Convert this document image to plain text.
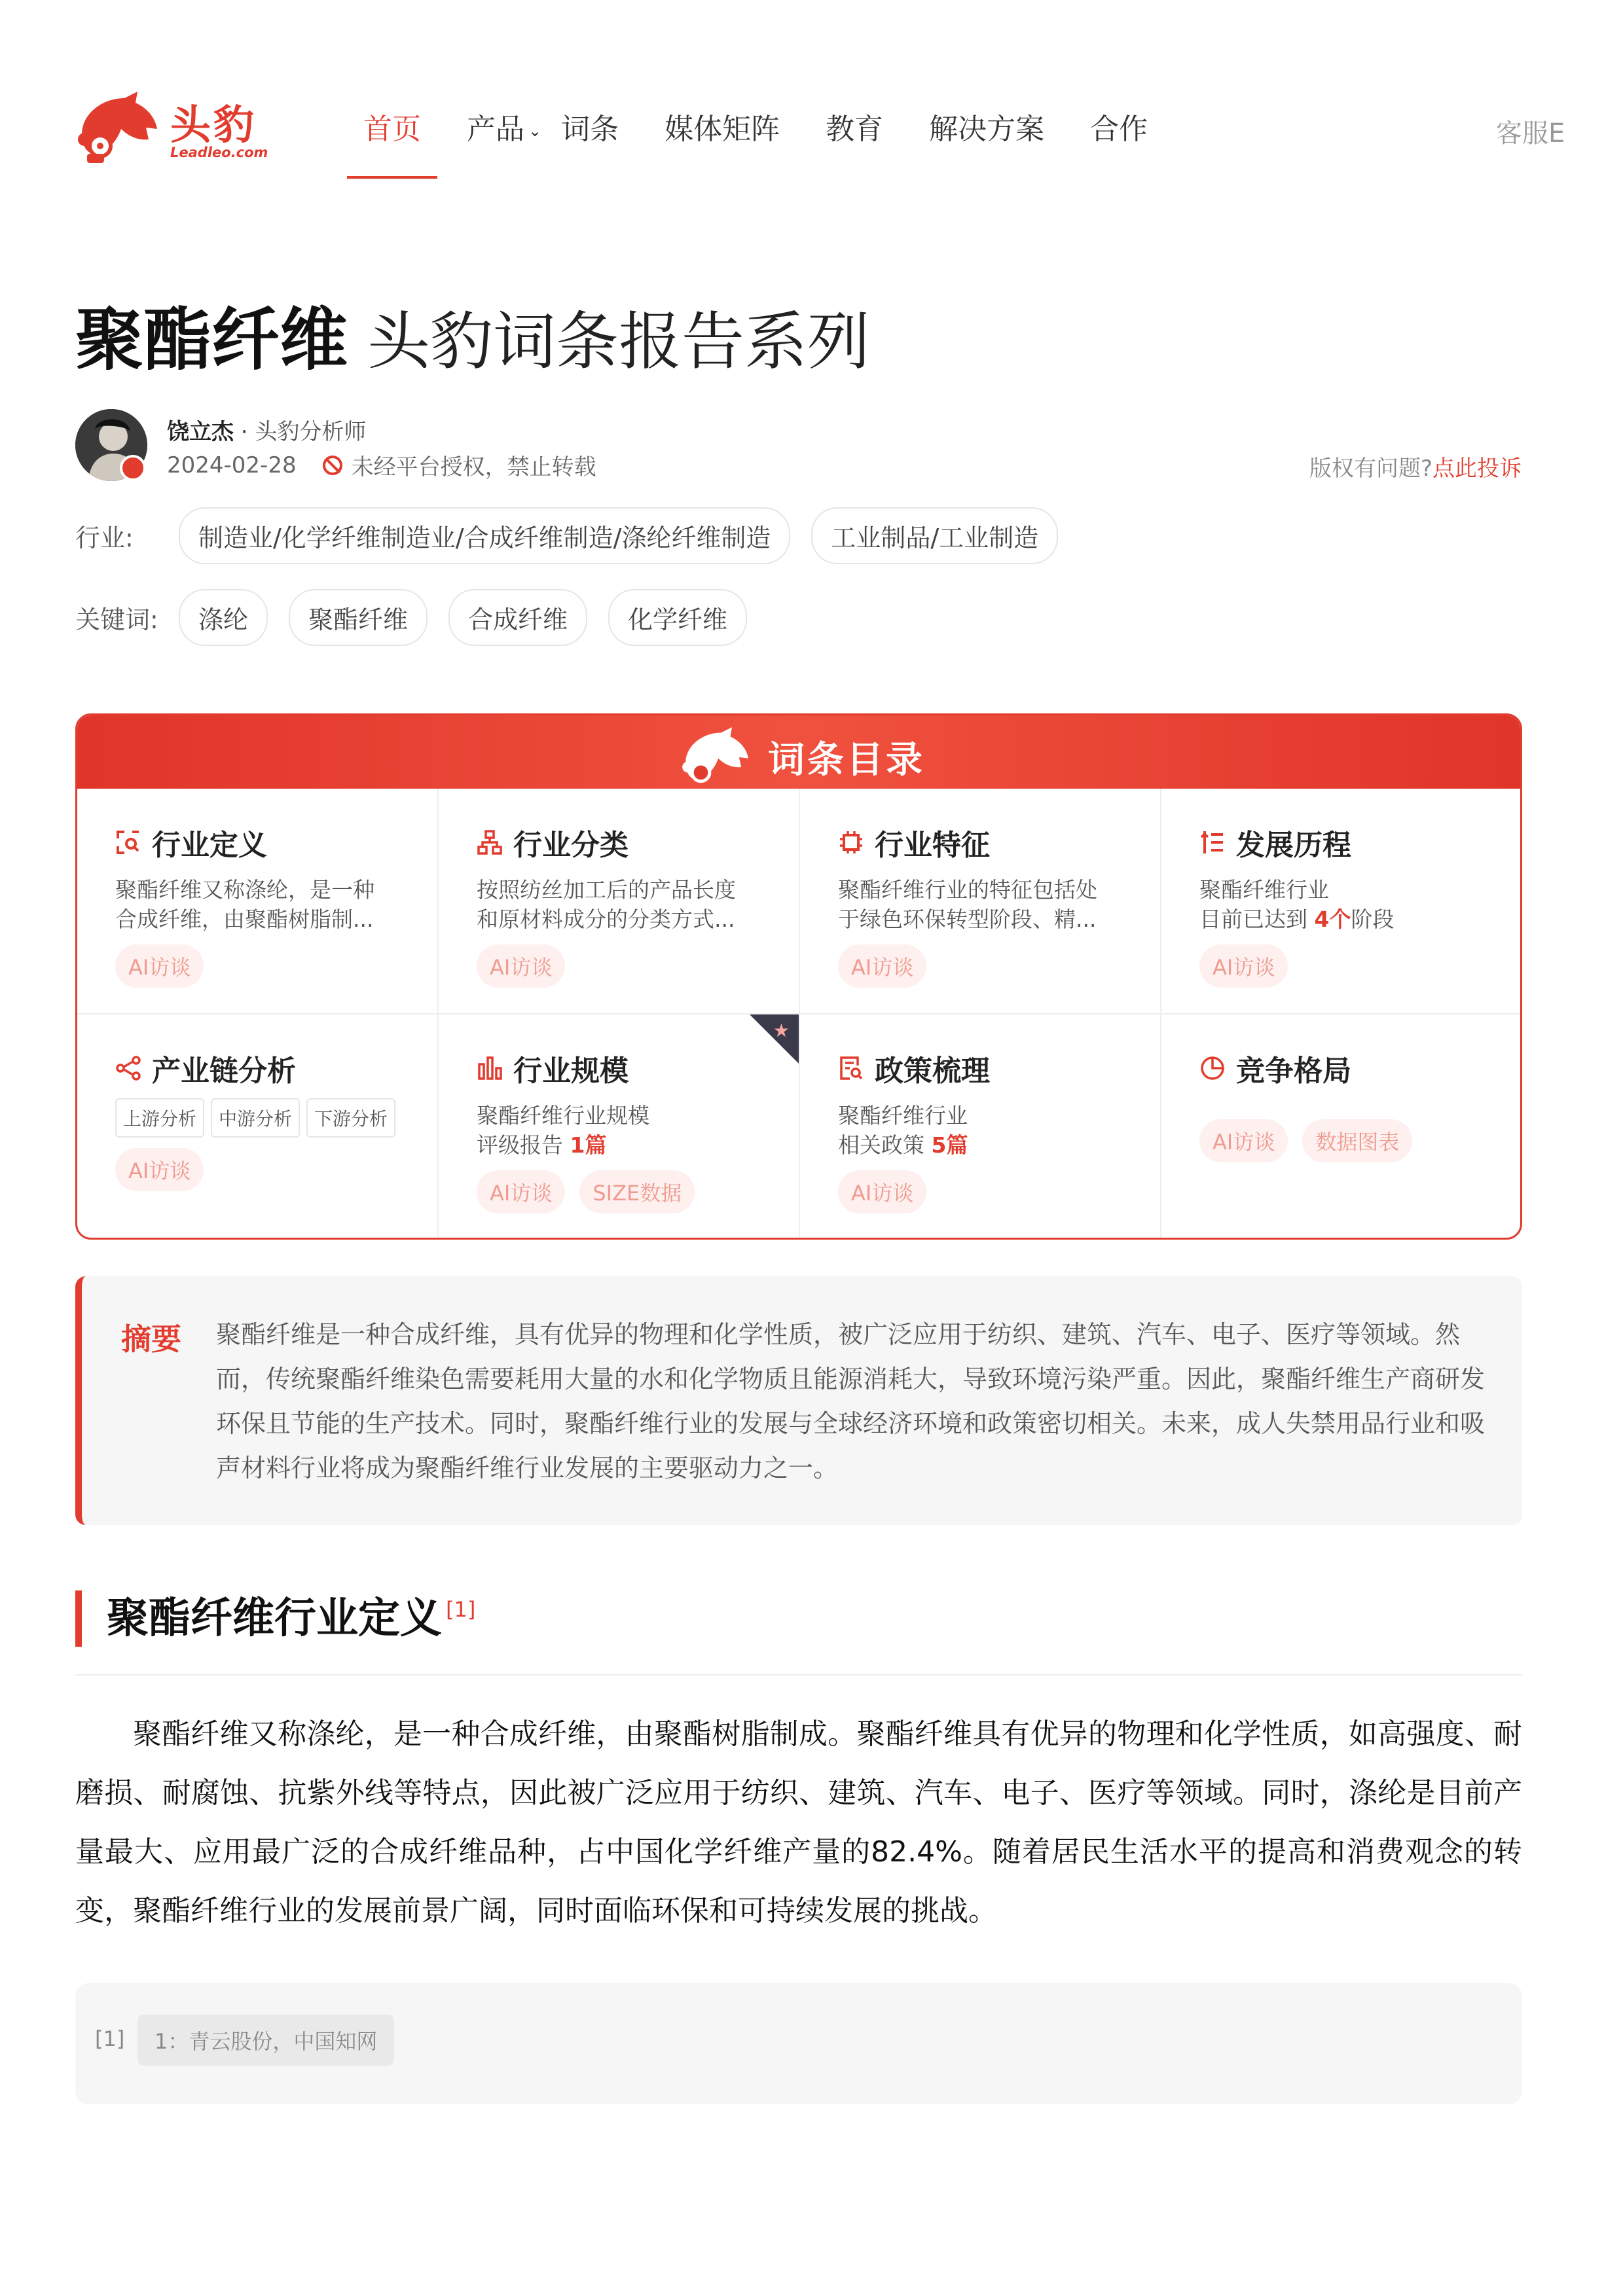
头豹
Leadleo.com
首页 产品 ⌄ 词条 媒体矩阵 教育 解决方案 合作	客服E
聚酯纤维 头豹词条报告系列
饶立杰 · 头豹分析师
2024-02-28 未经平台授权，禁止转载	版权有问题?点此投诉
行业:	制造业/化学纤维制造业/合成纤维制造/涤纶纤维制造	工业制品/工业制造
关键词:	涤纶	聚酯纤维	合成纤维	化学纤维
词条目录
行业定义
聚酯纤维又称涤纶，是一种
合成纤维，由聚酯树脂制...
AI访谈
行业分类
按照纺丝加工后的产品长度
和原材料成分的分类方式...
AI访谈
行业特征
聚酯纤维行业的特征包括处
于绿色环保转型阶段、精...
AI访谈
发展历程
聚酯纤维行业
目前已达到 4个阶段
AI访谈
产业链分析
上游分析	中游分析	下游分析
AI访谈
★
行业规模
聚酯纤维行业规模
评级报告 1篇
AI访谈 SIZE数据
政策梳理
聚酯纤维行业
相关政策 5篇
AI访谈
竞争格局
AI访谈 数据图表
摘要 聚酯纤维是一种合成纤维，具有优异的物理和化学性质，被广泛应用于纺织、建筑、汽车、电子、医疗等领域。然而，传统聚酯纤维染色需要耗用大量的水和化学物质且能源消耗大，导致环境污染严重。因此，聚酯纤维生产商研发环保且节能的生产技术。同时，聚酯纤维行业的发展与全球经济环境和政策密切相关。未来，成人失禁用品行业和吸声材料行业将成为聚酯纤维行业发展的主要驱动力之一。
聚酯纤维行业定义 [1]
聚酯纤维又称涤纶，是一种合成纤维，由聚酯树脂制成。聚酯纤维具有优异的物理和化学性质，如高强度、耐磨损、耐腐蚀、抗紫外线等特点，因此被广泛应用于纺织、建筑、汽车、电子、医疗等领域。同时，涤纶是目前产量最大、应用最广泛的合成纤维品种，占中国化学纤维产量的82.4%。随着居民生活水平的提高和消费观念的转变，聚酯纤维行业的发展前景广阔，同时面临环保和可持续发展的挑战。
[1]	1：青云股份，中国知网
